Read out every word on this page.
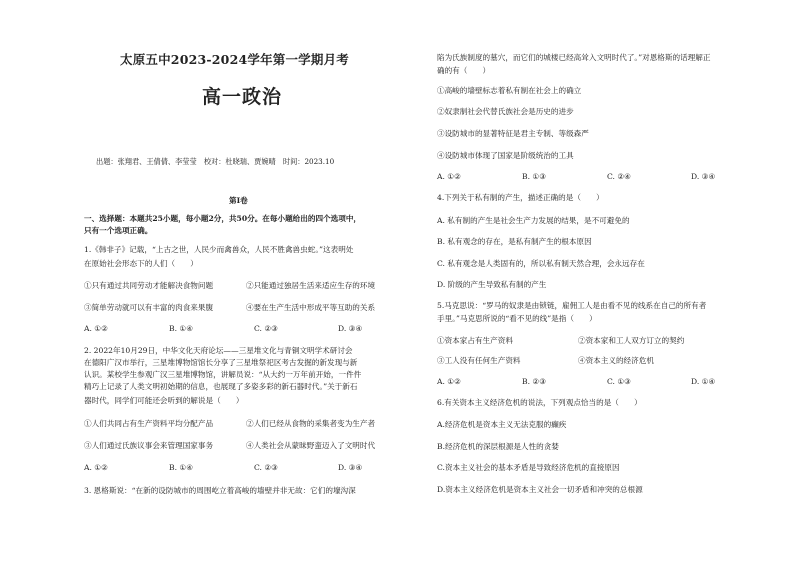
太原五中2023-2024学年第一学期月考
高一政治
出题：张翔君、王倩倩、李莹莹　校对：杜晓瑞、贾婉晴　时间：2023.10
第Ⅰ卷
一、选择题：本题共25小题，每小题2分，共50分。在每小题给出的四个选项中，
只有一个选项正确。
1.《韩非子》记载，“上古之世，人民少而禽兽众，人民不胜禽兽虫蛇。”这表明处
在原始社会形态下的人们（　　）
①只有通过共同劳动才能解决食物问题	②只能通过独居生活来适应生存的环境
③简单劳动就可以有丰富的肉食来果腹	④要在生产生活中形成平等互助的关系
A. ①②	B. ①④	C. ②③	D. ③④
2. 2022年10月29日，中华文化天府论坛——三星堆文化与青铜文明学术研讨会
在德阳广汉市举行，三星堆博物馆馆长分享了三星堆祭祀区考古发掘的新发现与新
认识。某校学生参观广汉三星堆博物馆，讲解员说：“从大约一万年前开始，一件件
精巧上记录了人类文明初始期的信息，也展现了多姿多彩的新石器时代。”关于新石
器时代，同学们可能还会听到的解说是（　　）
①人们共同占有生产资料平均分配产品	②人们已经从食物的采集者变为生产者
③人们通过氏族议事会来管理国家事务	④人类社会从蒙昧野蛮迈入了文明时代
A. ①②	B. ①④	C. ②③	D. ③④
3. 恩格斯说：“在新的设防城市的周围屹立着高峻的墙壁并非无故：它们的壕沟深
陷为氏族制度的墓穴，而它们的城楼已经高耸入文明时代了。”对恩格斯的话理解正
确的有（　　）
①高峻的墙壁标志着私有制在社会上的确立
②奴隶制社会代替氏族社会是历史的进步
③设防城市的显著特征是君主专制、等级森严
④设防城市体现了国家是阶级统治的工具
A. ①②	B. ①③	C. ②④	D. ③④
4.下列关于私有制的产生，描述正确的是（　　）
A. 私有制的产生是社会生产力发展的结果，是不可避免的
B. 私有观念的存在，是私有制产生的根本原因
C. 私有观念是人类固有的，所以私有制天然合理，会永远存在
D. 阶级的产生导致私有制的产生
5.马克思说：“罗马的奴隶是由锁链，雇佣工人是由看不见的线系在自己的所有者
手里。”马克思所说的“看不见的线”是指（　　）
①资本家占有生产资料	②资本家和工人双方订立的契约
③工人没有任何生产资料	④资本主义的经济危机
A. ①②	B. ②③	C. ①③	D. ①④
6.有关资本主义经济危机的说法，下列观点恰当的是（　　）
A.经济危机是资本主义无法克服的癫疾
B.经济危机的深层根源是人性的贪婪
C.资本主义社会的基本矛盾是导致经济危机的直接原因
D.资本主义经济危机是资本主义社会一切矛盾和冲突的总根源
